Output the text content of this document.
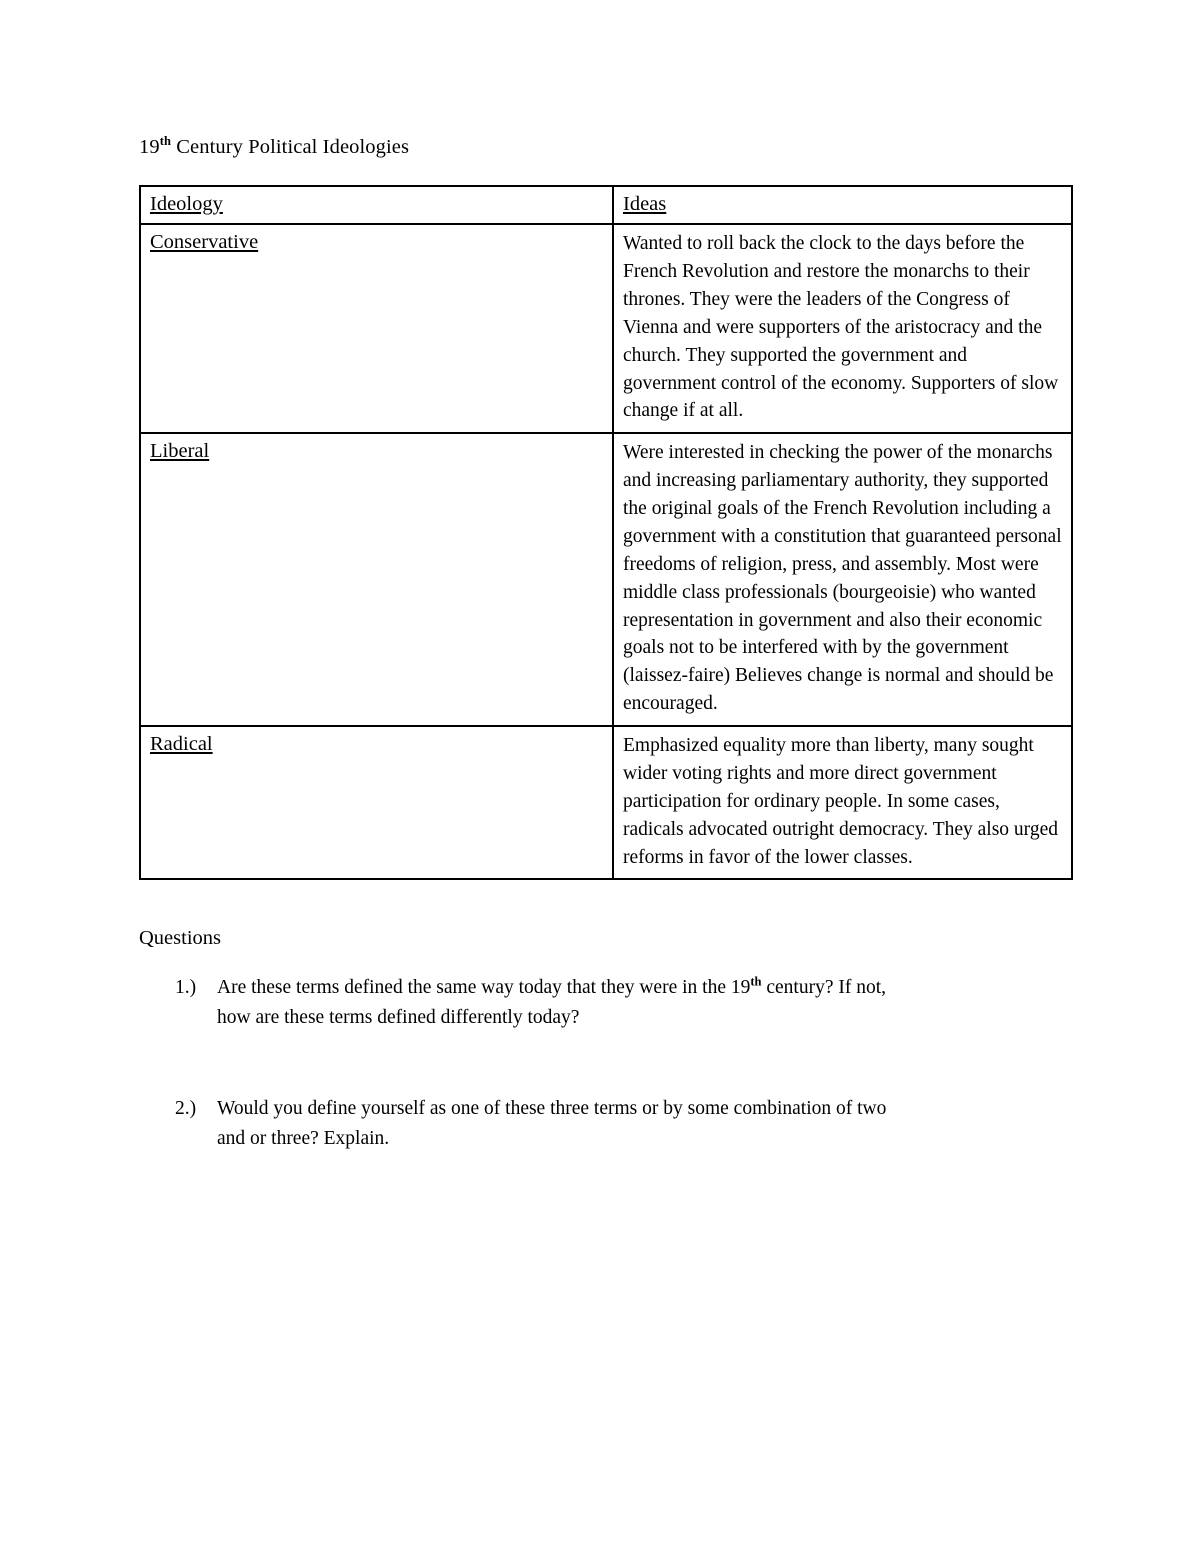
19th Century Political Ideologies
Ideology	Ideas

Conservative	Wanted to roll back the clock to the days before the French Revolution and restore the monarchs to their thrones. They were the leaders of the Congress of Vienna and were supporters of the aristocracy and the church. They supported the government and government control of the economy. Supporters of slow change if at all.

Liberal	Were interested in checking the power of the monarchs and increasing parliamentary authority, they supported the original goals of the French Revolution including a government with a constitution that guaranteed personal freedoms of religion, press, and assembly. Most were middle class professionals (bourgeoisie) who wanted representation in government and also their economic goals not to be interfered with by the government (laissez-faire) Believes change is normal and should be encouraged.

Radical	Emphasized equality more than liberty, many sought wider voting rights and more direct government participation for ordinary people. In some cases, radicals advocated outright democracy. They also urged reforms in favor of the lower classes.
Questions
1.)	Are these terms defined the same way today that they were in the 19th century? If not,
how are these terms defined differently today?
2.)	Would you define yourself as one of these three terms or by some combination of two
and or three? Explain.
